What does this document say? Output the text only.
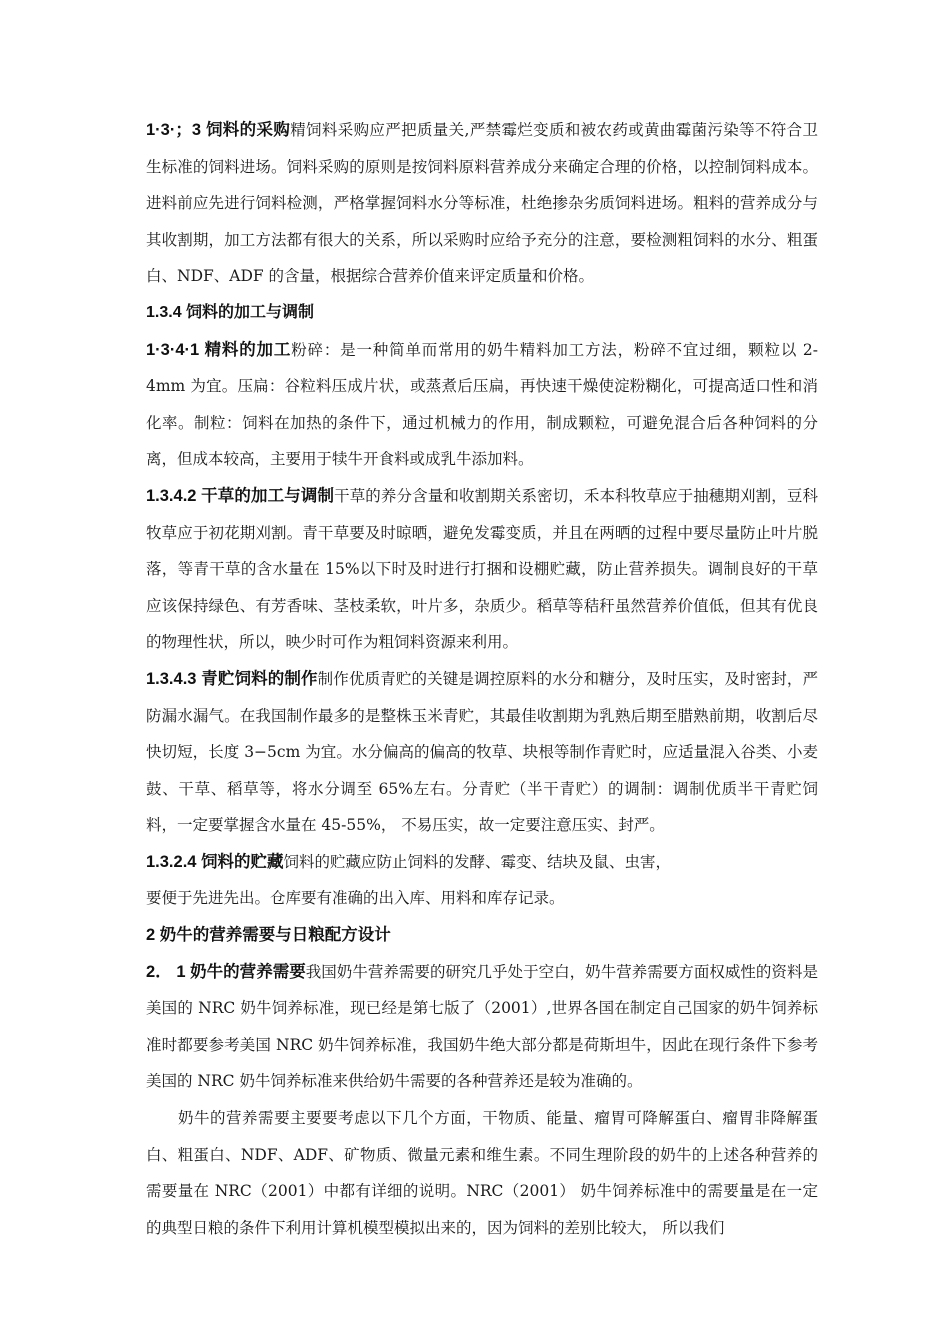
1·3·；3 饲料的采购精饲料采购应严把质量关,严禁霉烂变质和被农药或黄曲霉菌污染等不符合卫生标准的饲料进场。饲料采购的原则是按饲料原料营养成分来确定合理的价格，以控制饲料成本。进料前应先进行饲料检测，严格掌握饲料水分等标准，杜绝掺杂劣质饲料进场。粗料的营养成分与其收割期，加工方法都有很大的关系，所以采购时应给予充分的注意，要检测粗饲料的水分、粗蛋白、NDF、ADF 的含量，根据综合营养价值来评定质量和价格。

1.3.4 饲料的加工与调制

1·3·4·1 精料的加工粉碎：是一种简单而常用的奶牛精料加工方法，粉碎不宜过细，颗粒以 2-4mm 为宜。压扁：谷粒料压成片状，或蒸煮后压扁，再快速干燥使淀粉糊化，可提高适口性和消化率。制粒：饲料在加热的条件下，通过机械力的作用，制成颗粒，可避免混合后各种饲料的分离，但成本较高，主要用于犊牛开食料或成乳牛添加料。

1.3.4.2 干草的加工与调制干草的养分含量和收割期关系密切，禾本科牧草应于抽穗期刈割，豆科牧草应于初花期刈割。青干草要及时晾晒，避免发霉变质，并且在两晒的过程中要尽量防止叶片脱落，等青干草的含水量在 15%以下时及时进行打捆和设棚贮藏，防止营养损失。调制良好的干草应该保持绿色、有芳香味、茎枝柔软，叶片多，杂质少。稻草等秸秆虽然营养价值低，但其有优良的物理性状，所以，映少时可作为粗饲料资源来利用。

1.3.4.3 青贮饲料的制作制作优质青贮的关键是调控原料的水分和糖分，及时压实，及时密封，严防漏水漏气。在我国制作最多的是整株玉米青贮，其最佳收割期为乳熟后期至腊熟前期，收割后尽快切短，长度 3−5cm 为宜。水分偏高的偏高的牧草、块根等制作青贮时，应适量混入谷类、小麦鼓、干草、稻草等，将水分调至 65%左右。分青贮（半干青贮）的调制：调制优质半干青贮饲料，一定要掌握含水量在 45-55%， 不易压实，故一定要注意压实、封严。

1.3.2.4 饲料的贮藏饲料的贮藏应防止饲料的发酵、霉变、结块及鼠、虫害，
要便于先进先出。仓库要有准确的出入库、用料和库存记录。

2 奶牛的营养需要与日粮配方设计

2． 1 奶牛的营养需要我国奶牛营养需要的研究几乎处于空白，奶牛营养需要方面权威性的资料是美国的 NRC 奶牛饲养标准，现已经是第七版了（2001）,世界各国在制定自己国家的奶牛饲养标准时都要参考美国 NRC 奶牛饲养标准，我国奶牛绝大部分都是荷斯坦牛，因此在现行条件下参考美国的 NRC 奶牛饲养标准来供给奶牛需要的各种营养还是较为准确的。

奶牛的营养需要主要要考虑以下几个方面，干物质、能量、瘤胃可降解蛋白、瘤胃非降解蛋白、粗蛋白、NDF、ADF、矿物质、微量元素和维生素。不同生理阶段的奶牛的上述各种营养的需要量在 NRC（2001）中都有详细的说明。NRC（2001） 奶牛饲养标准中的需要量是在一定的典型日粮的条件下利用计算机模型模拟出来的，因为饲料的差别比较大， 所以我们
